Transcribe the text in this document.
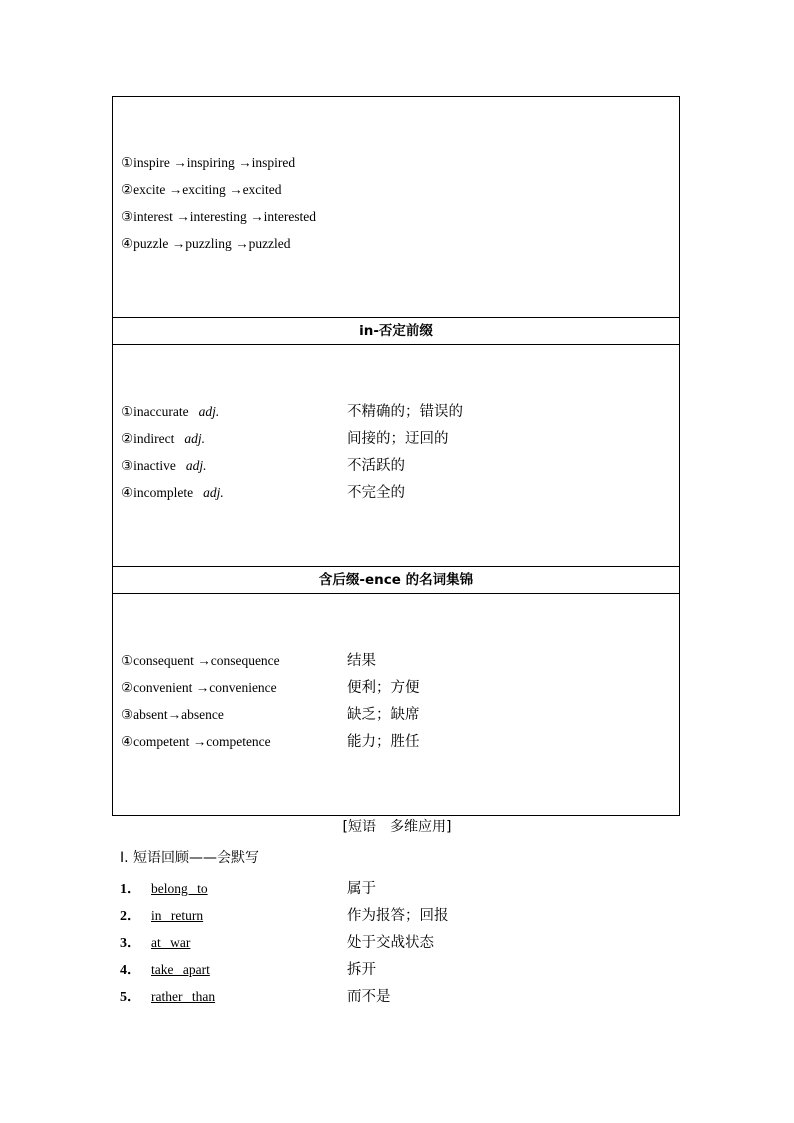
①inspire →inspiring →inspired
②excite →exciting →excited
③interest →interesting →interested
④puzzle →puzzling →puzzled
in-否定前缀
①inaccurate adj.	不精确的；错误的
②indirect adj.	间接的；迂回的
③inactive adj.	不活跃的
④incomplete adj.	不完全的
含后缀-ence 的名词集锦
①consequent →consequence	结果
②convenient →convenience	便利；方便
③absent→absence	缺乏；缺席
④competent →competence	能力；胜任
[短语　多维应用]
Ⅰ. 短语回顾——会默写
1． belong to	属于
2． in return	作为报答；回报
3． at war	处于交战状态
4． take apart	拆开
5． rather than	而不是
